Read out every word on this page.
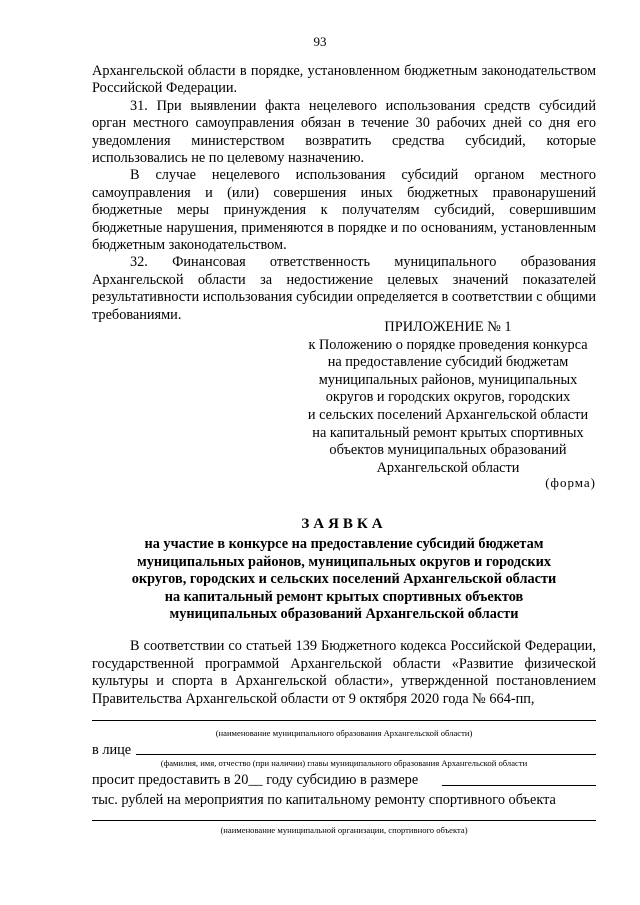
93

Архангельской области в порядке, установленном бюджетным законодательством Российской Федерации.

31. При выявлении факта нецелевого использования средств субсидий орган местного самоуправления обязан в течение 30 рабочих дней со дня его уведомления министерством возвратить средства субсидий, которые использовались не по целевому назначению.

В случае нецелевого использования субсидий органом местного самоуправления и (или) совершения иных бюджетных правонарушений бюджетные меры принуждения к получателям субсидий, совершившим бюджетные нарушения, применяются в порядке и по основаниям, установленным бюджетным законодательством.

32. Финансовая ответственность муниципального образования Архангельской области за недостижение целевых значений показателей результативности использования субсидии определяется в соответствии с общими требованиями.

ПРИЛОЖЕНИЕ № 1

к Положению о порядке проведения конкурса

на предоставление субсидий бюджетам

муниципальных районов, муниципальных

округов и городских округов, городских

и сельских поселений Архангельской области

на капитальный ремонт крытых спортивных

объектов муниципальных образований

Архангельской области

(форма)
ЗАЯВКА
на участие в конкурсе на предоставление субсидий бюджетам
муниципальных районов, муниципальных округов и городских
округов, городских и сельских поселений Архангельской области
на капитальный ремонт крытых спортивных объектов
муниципальных образований Архангельской области

В соответствии со статьей 139 Бюджетного кодекса Российской Федерации, государственной программой Архангельской области «Развитие физической культуры и спорта в Архангельской области», утвержденной постановлением Правительства Архангельской области от 9 октября 2020 года № 664-пп,

(наименование муниципального образования Архангельской области)
в лице
(фамилия, имя, отчество (при наличии) главы муниципального образования Архангельской области
просит предоставить в 20__ году субсидию в размере
тыс. рублей на мероприятия по капитальному ремонту спортивного объекта
(наименование муниципальной организации, спортивного объекта)
